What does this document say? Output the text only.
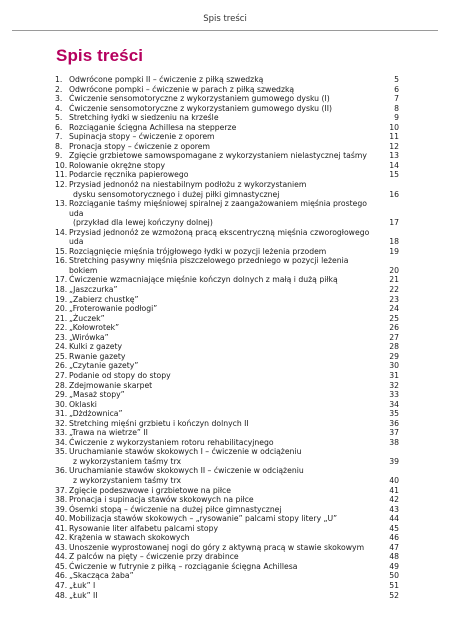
Spis treści
Spis treści
1. Odwrócone pompki II – ćwiczenie z piłką szwedzką	5
2. Odwrócone pompki – ćwiczenie w parach z piłką szwedzką	6
3. Ćwiczenie sensomotoryczne z wykorzystaniem gumowego dysku (I)	7
4. Ćwiczenie sensomotoryczne z wykorzystaniem gumowego dysku (II)	8
5. Stretching łydki w siedzeniu na krześle	9
6. Rozciąganie ścięgna Achillesa na stepperze	10
7. Supinacja stopy – ćwiczenie z oporem	11
8. Pronacja stopy – ćwiczenie z oporem	12
9. Zgięcie grzbietowe samowspomagane z wykorzystaniem nielastycznej taśmy	13
10. Rolowanie okrężne stopy	14
11. Podarcie ręcznika papierowego	15
12. Przysiad jednonóż na niestabilnym podłożu z wykorzystaniem
dysku sensomotorycznego i dużej piłki gimnastycznej	16
13. Rozciąganie taśmy mięśniowej spiralnej z zaangażowaniem mięśnia prostego uda
(przykład dla lewej kończyny dolnej)	17
14. Przysiad jednonóż ze wzmożoną pracą ekscentryczną mięśnia czworogłowego uda	18
15. Rozciągnięcie mięśnia trójgłowego łydki w pozycji leżenia przodem	19
16. Stretching pasywny mięśnia piszczelowego przedniego w pozycji leżenia bokiem	20
17. Ćwiczenie wzmacniające mięśnie kończyn dolnych z małą i dużą piłką	21
18. „Jaszczurka”	22
19. „Zabierz chustkę”	23
20. „Froterowanie podłogi”	24
21. „Żuczek”	25
22. „Kołowrotek”	26
23. „Wirówka”	27
24. Kulki z gazety	28
25. Rwanie gazety	29
26. „Czytanie gazety”	30
27. Podanie od stopy do stopy	31
28. Zdejmowanie skarpet	32
29. „Masaż stopy”	33
30. Oklaski	34
31. „Dżdżownica”	35
32. Stretching mięśni grzbietu i kończyn dolnych II	36
33. „Trawa na wietrze” II	37
34. Ćwiczenie z wykorzystaniem rotoru rehabilitacyjnego	38
35. Uruchamianie stawów skokowych I – ćwiczenie w odciążeniu
z wykorzystaniem taśmy trx	39
36. Uruchamianie stawów skokowych II – ćwiczenie w odciążeniu
z wykorzystaniem taśmy trx	40
37. Zgięcie podeszwowe i grzbietowe na piłce	41
38. Pronacja i supinacja stawów skokowych na piłce	42
39. Ósemki stopą – ćwiczenie na dużej piłce gimnastycznej	43
40. Mobilizacja stawów skokowych – „rysowanie” palcami stopy litery „U”	44
41. Rysowanie liter alfabetu palcami stopy	45
42. Krążenia w stawach skokowych	46
43. Unoszenie wyprostowanej nogi do góry z aktywną pracą w stawie skokowym	47
44. Z palców na pięty – ćwiczenie przy drabince	48
45. Ćwiczenie w futrynie z piłką – rozciąganie ścięgna Achillesa	49
46. „Skacząca żaba”	50
47. „Łuk” I	51
48. „Łuk” II	52
